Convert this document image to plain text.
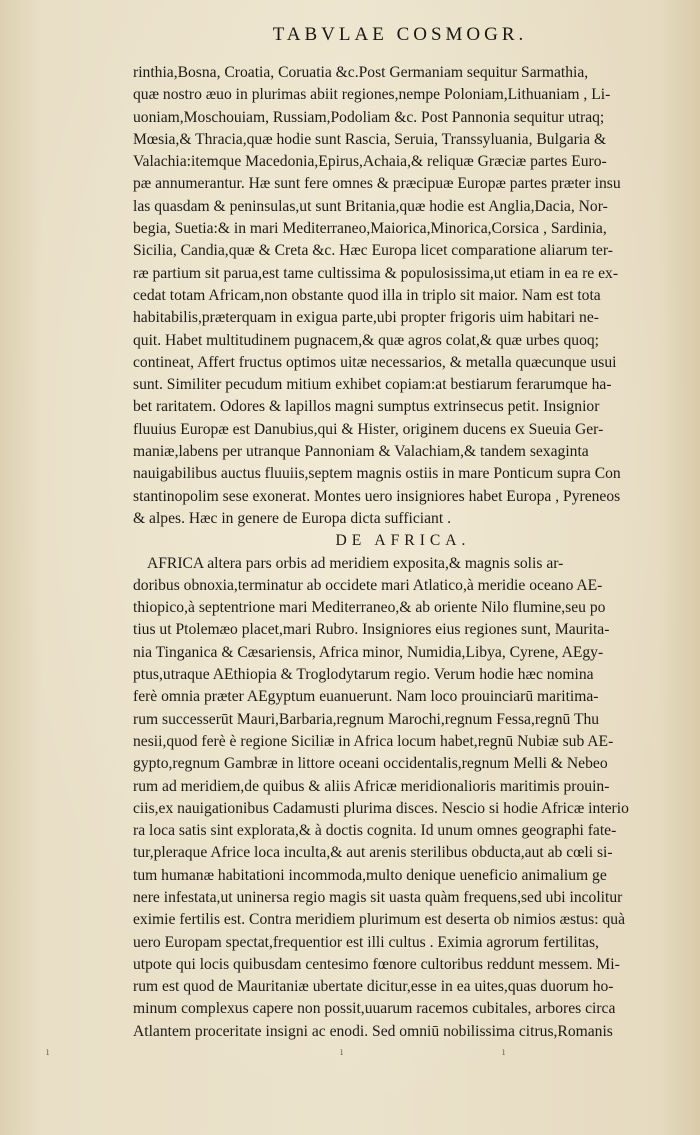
TABVLAE COSMOGR.
rinthia,Bosna, Croatia, Coruatia &c.Post Germaniam sequitur Sarmathia,
quæ nostro æuo in plurimas abiit regiones,nempe Poloniam,Lithuaniam , Li-
uoniam,Moschouiam, Russiam,Podoliam &c. Post Pannonia sequitur utraq;
Mœsia,& Thracia,quæ hodie sunt Rascia, Seruia, Transsyluania, Bulgaria &
Valachia:itemque Macedonia,Epirus,Achaia,& reliquæ Græciæ partes Euro-
pæ annumerantur. Hæ sunt fere omnes & præcipuæ Europæ partes præter insu
las quasdam & peninsulas,ut sunt Britania,quæ hodie est Anglia,Dacia, Nor-
begia, Suetia:& in mari Mediterraneo,Maiorica,Minorica,Corsica , Sardinia,
Sicilia, Candia,quæ & Creta &c. Hæc Europa licet comparatione aliarum ter-
ræ partium sit parua,est tame cultissima & populosissima,ut etiam in ea re ex-
cedat totam Africam,non obstante quod illa in triplo sit maior. Nam est tota
habitabilis,præterquam in exigua parte,ubi propter frigoris uim habitari ne-
quit. Habet multitudinem pugnacem,& quæ agros colat,& quæ urbes quoq;
contineat, Affert fructus optimos uitæ necessarios, & metalla quæcunque usui
sunt. Similiter pecudum mitium exhibet copiam:at bestiarum ferarumque ha-
bet raritatem. Odores & lapillos magni sumptus extrinsecus petit. Insignior
fluuius Europæ est Danubius,qui & Hister, originem ducens ex Sueuia Ger-
maniæ,labens per utranque Pannoniam & Valachiam,& tandem sexaginta
nauigabilibus auctus fluuiis,septem magnis ostiis in mare Ponticum supra Con
stantinopolim sese exonerat. Montes uero insigniores habet Europa , Pyreneos
& alpes. Hæc in genere de Europa dicta sufficiant .
DE AFRICA.
AFRICA altera pars orbis ad meridiem exposita,& magnis solis ar-
doribus obnoxia,terminatur ab occidete mari Atlatico,à meridie oceano AE-
thiopico,à septentrione mari Mediterraneo,& ab oriente Nilo flumine,seu po
tius ut Ptolemæo placet,mari Rubro. Insigniores eius regiones sunt, Maurita-
nia Tinganica & Cæsariensis, Africa minor, Numidia,Libya, Cyrene, AEgy-
ptus,utraque AEthiopia & Troglodytarum regio. Verum hodie hæc nomina
ferè omnia præter AEgyptum euanuerunt. Nam loco prouinciarū maritima-
rum successerūt Mauri,Barbaria,regnum Marochi,regnum Fessa,regnū Thu
nesii,quod ferè è regione Siciliæ in Africa locum habet,regnū Nubiæ sub AE-
gypto,regnum Gambræ in littore oceani occidentalis,regnum Melli & Nebeo
rum ad meridiem,de quibus & aliis Africæ meridionalioris maritimis prouin-
ciis,ex nauigationibus Cadamusti plurima disces. Nescio si hodie Africæ interio
ra loca satis sint explorata,& à doctis cognita. Id unum omnes geographi fate-
tur,pleraque Africe loca inculta,& aut arenis sterilibus obducta,aut ab cœli si-
tum humanæ habitationi incommoda,multo denique ueneficio animalium ge
nere infestata,ut uninersa regio magis sit uasta quàm frequens,sed ubi incolitur
eximie fertilis est. Contra meridiem plurimum est deserta ob nimios æstus: quà
uero Europam spectat,frequentior est illi cultus . Eximia agrorum fertilitas,
utpote qui locis quibusdam centesimo fœnore cultoribus reddunt messem. Mi-
rum est quod de Mauritaniæ ubertate dicitur,esse in ea uites,quas duorum ho-
minum complexus capere non possit,uuarum racemos cubitales, arbores circa
Atlantem proceritate insigni ac enodi. Sed omniū nobilissima citrus,Romanis
ı	ı	ı
